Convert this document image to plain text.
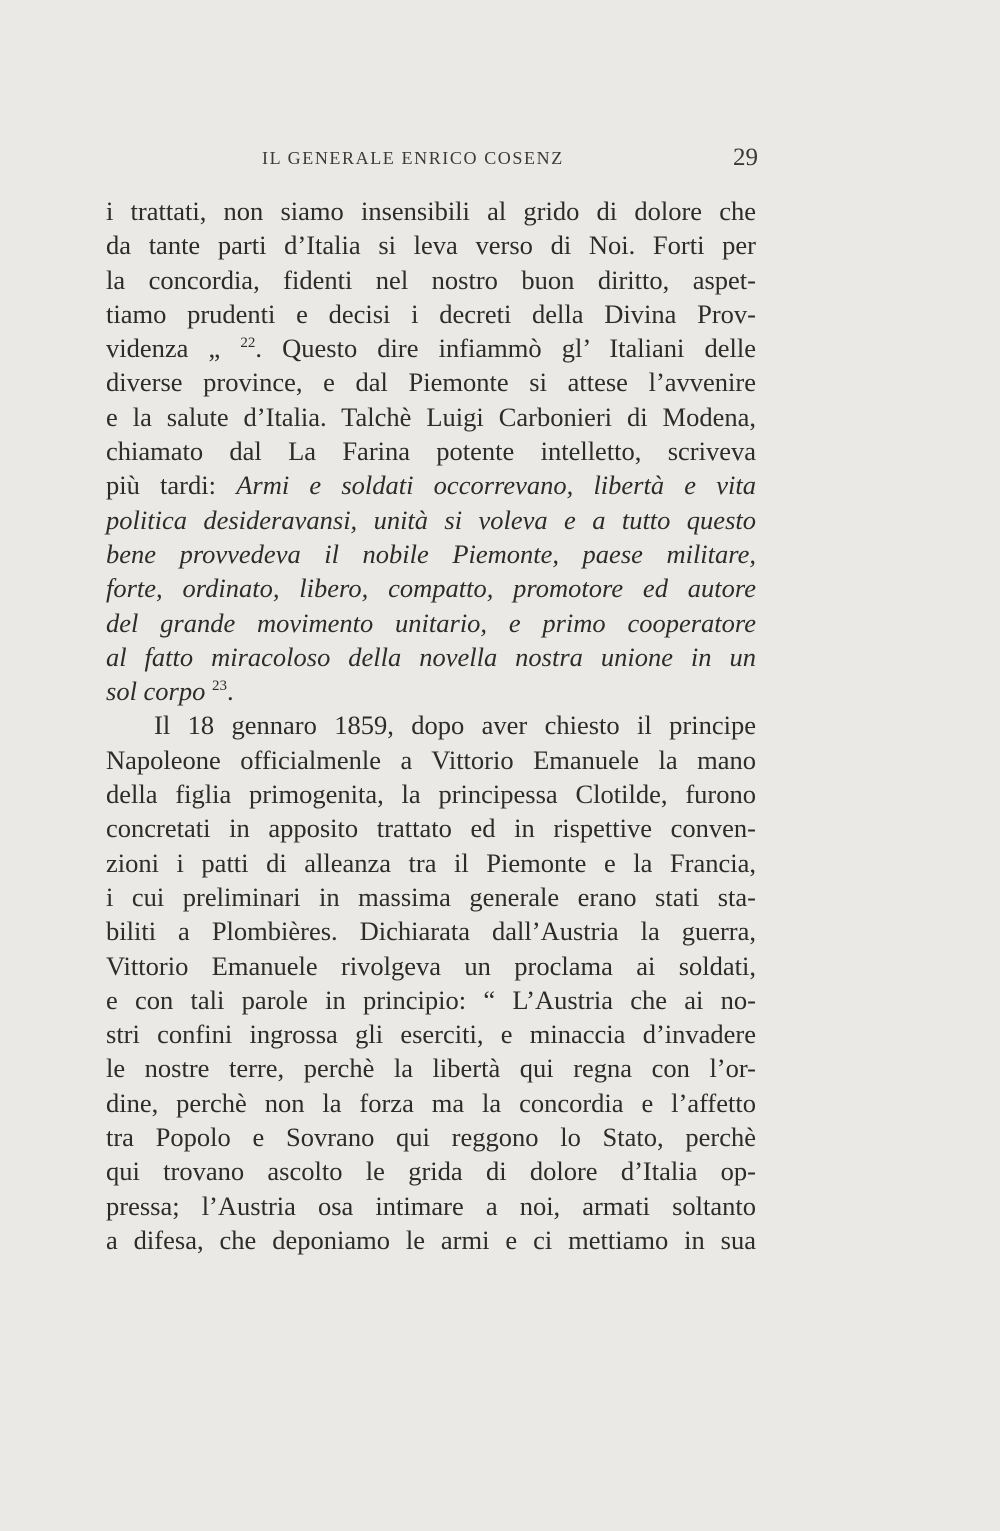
IL GENERALE ENRICO COSENZ	29
i trattati, non siamo insensibili al grido di dolore che
da tante parti d’Italia si leva verso di Noi. Forti per
la concordia, fidenti nel nostro buon diritto, aspet-
tiamo prudenti e decisi i decreti della Divina Prov-
videnza „ $^{22}$. Questo dire infiammò gl’ Italiani delle
diverse province, e dal Piemonte si attese l’avvenire
e la salute d’Italia. Talchè Luigi Carbonieri di Modena,
chiamato dal La Farina potente intelletto, scriveva
più tardi: Armi e soldati occorrevano, libertà e vita
politica desideravansi, unità si voleva e a tutto questo
bene provvedeva il nobile Piemonte, paese militare,
forte, ordinato, libero, compatto, promotore ed autore
del grande movimento unitario, e primo cooperatore
al fatto miracoloso della novella nostra unione in un
sol corpo $^{23}$.
Il 18 gennaro 1859, dopo aver chiesto il principe
Napoleone officialmenle a Vittorio Emanuele la mano
della figlia primogenita, la principessa Clotilde, furono
concretati in apposito trattato ed in rispettive conven-
zioni i patti di alleanza tra il Piemonte e la Francia,
i cui preliminari in massima generale erano stati sta-
biliti a Plombières. Dichiarata dall’Austria la guerra,
Vittorio Emanuele rivolgeva un proclama ai soldati,
e con tali parole in principio: “ L’Austria che ai no-
stri confini ingrossa gli eserciti, e minaccia d’invadere
le nostre terre, perchè la libertà qui regna con l’or-
dine, perchè non la forza ma la concordia e l’affetto
tra Popolo e Sovrano qui reggono lo Stato, perchè
qui trovano ascolto le grida di dolore d’Italia op-
pressa; l’Austria osa intimare a noi, armati soltanto
a difesa, che deponiamo le armi e ci mettiamo in sua
